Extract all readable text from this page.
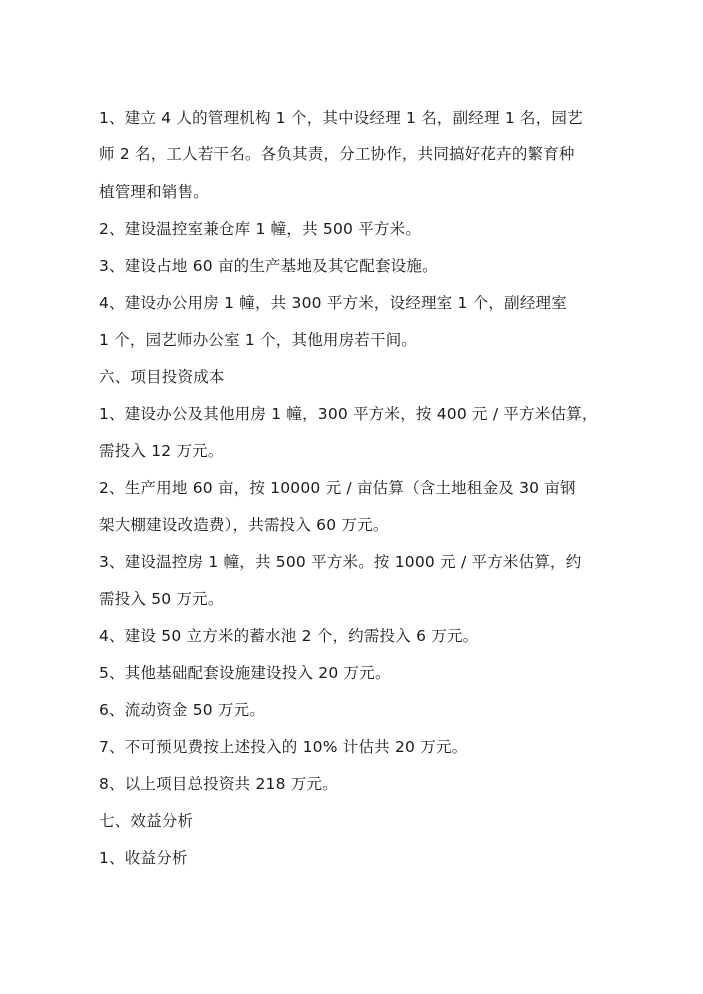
1、建立 4 人的管理机构 1 个，其中设经理 1 名，副经理 1 名，园艺
师 2 名，工人若干名。各负其责，分工协作，共同搞好花卉的繁育种
植管理和销售。
2、建设温控室兼仓库 1 幢，共 500 平方米。
3、建设占地 60 亩的生产基地及其它配套设施。
4、建设办公用房 1 幢，共 300 平方米，设经理室 1 个，副经理室
1 个，园艺师办公室 1 个，其他用房若干间。
六、项目投资成本
1、建设办公及其他用房 1 幢，300 平方米，按 400 元 / 平方米估算，
需投入 12 万元。
2、生产用地 60 亩，按 10000 元 / 亩估算（含土地租金及 30 亩钢
架大棚建设改造费），共需投入 60 万元。
3、建设温控房 1 幢，共 500 平方米。按 1000 元 / 平方米估算，约
需投入 50 万元。
4、建设 50 立方米的蓄水池 2 个，约需投入 6 万元。
5、其他基础配套设施建设投入 20 万元。
6、流动资金 50 万元。
7、不可预见费按上述投入的 10% 计估共 20 万元。
8、以上项目总投资共 218 万元。
七、效益分析
1、收益分析
